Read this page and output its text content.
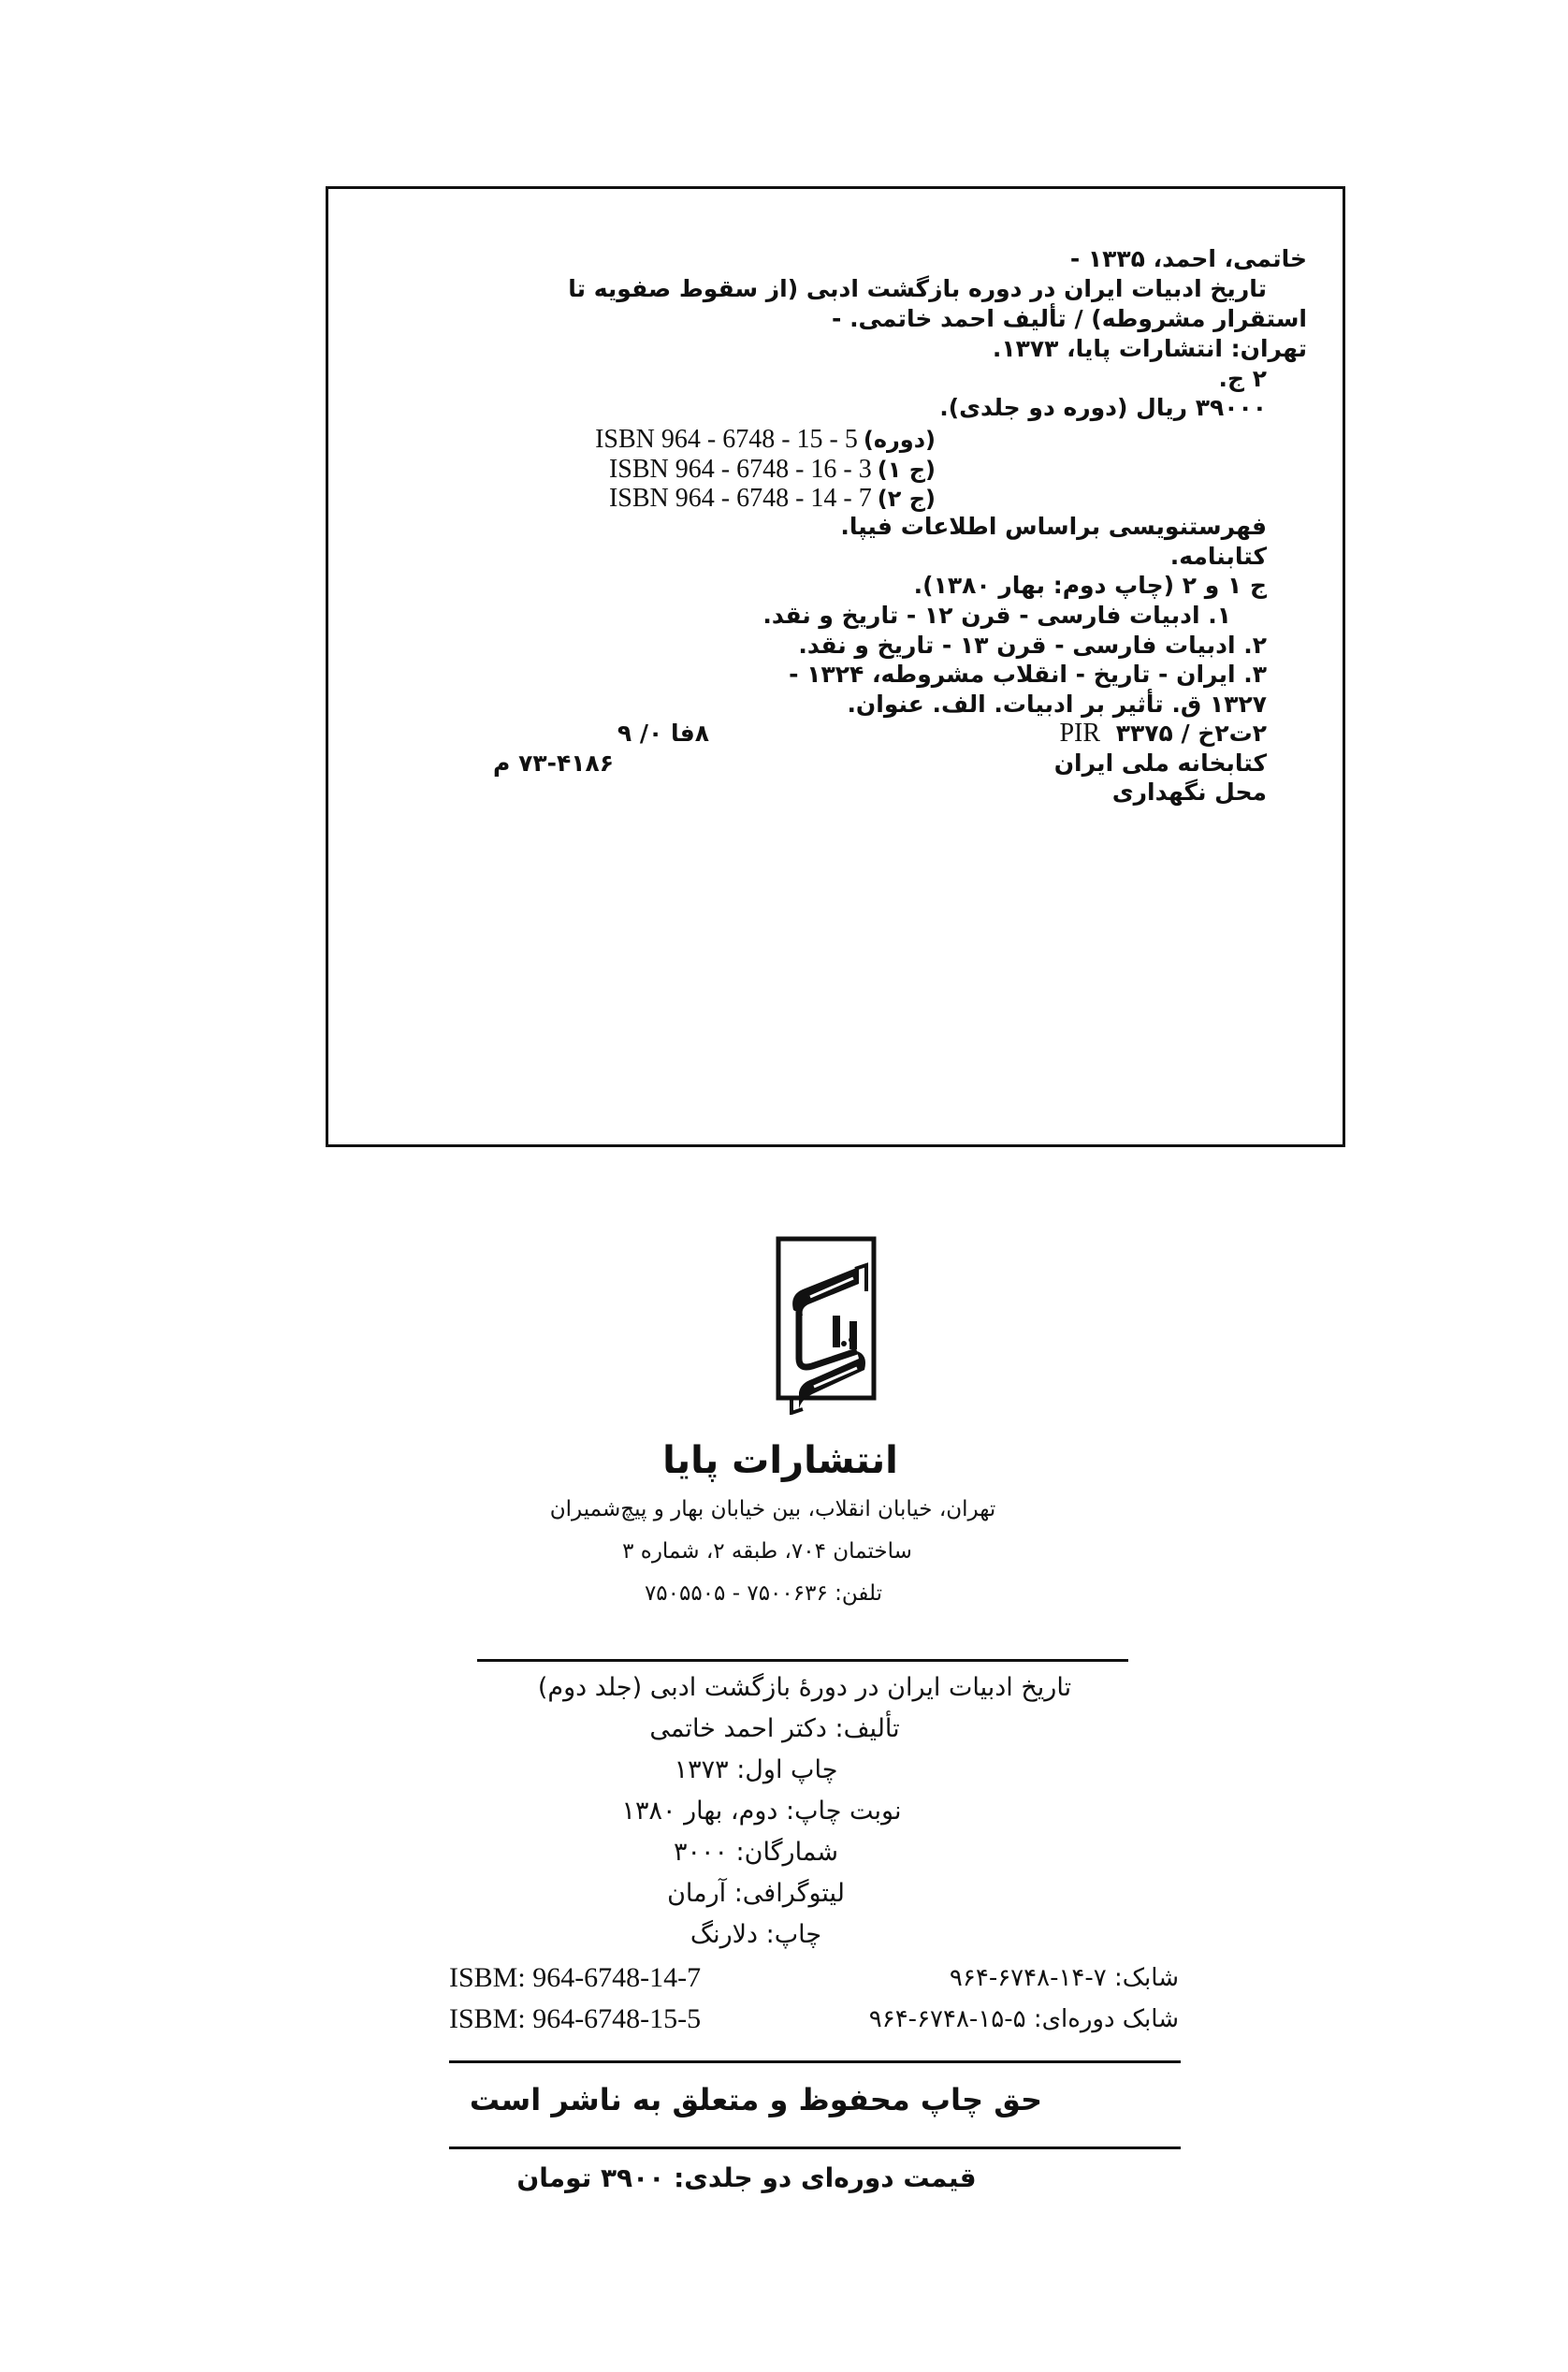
خاتمی، احمد، ۱۳۳۵ -
تاریخ ادبیات ایران در دوره بازگشت ادبی (از سقوط صفویه تا
استقرار مشروطه) / تألیف احمد خاتمی. -
تهران: انتشارات پایا، ۱۳۷۳.
۲ ج.
۳۹۰۰۰ ریال (دوره دو جلدی).
ISBN 964 - 6748 - 15 - 5 (دوره)
ISBN 964 - 6748 - 16 - 3 (ج ۱)
ISBN 964 - 6748 - 14 - 7 (ج ۲)
فهرستنویسی براساس اطلاعات فیپا.
کتابنامه.
ج ۱ و ۲ (چاپ دوم: بهار ۱۳۸۰).
۱. ادبیات فارسی - قرن ۱۲ - تاریخ و نقد.
۲. ادبیات فارسی - قرن ۱۳ - تاریخ و نقد.
۳. ایران - تاریخ - انقلاب مشروطه، ۱۳۲۴ -
۱۳۲۷ ق. تأثیر بر ادبیات. الف. عنوان.
۲ت۲خ / ۳۳۷۵ PIR
۸فا ۰/ ۹
کتابخانه ملی ایران
۷۳-۴۱۸۶ م
محل نگهداری
انتشارات پایا
تهران، خیابان انقلاب، بین خیابان بهار و پیچ‌شمیران
ساختمان ۷۰۴، طبقه ۲، شماره ۳
تلفن: ۷۵۰۰۶۳۶ - ۷۵۰۵۵۰۵
تاریخ ادبیات ایران در دورهٔ بازگشت ادبی (جلد دوم)
تألیف: دکتر احمد خاتمی
چاپ اول: ۱۳۷۳
نوبت چاپ: دوم، بهار ۱۳۸۰
شمارگان: ۳۰۰۰
لیتوگرافی: آرمان
چاپ: دلارنگ
ISBM: 964-6748-14-7	شابک: ۷-۱۴-۶۷۴۸-۹۶۴
ISBM: 964-6748-15-5	شابک دوره‌ای: ۵-۱۵-۶۷۴۸-۹۶۴
حق چاپ محفوظ و متعلق به ناشر است
قیمت دوره‌ای دو جلدی: ۳۹۰۰ تومان
